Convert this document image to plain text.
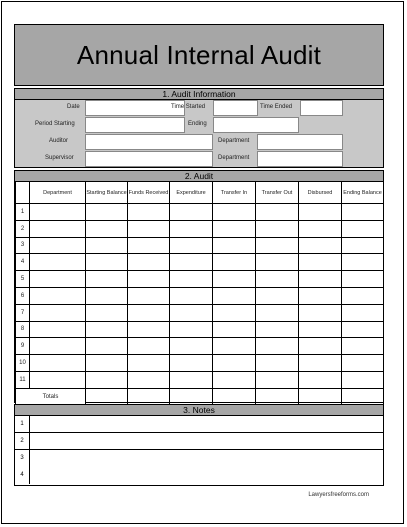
Annual Internal Audit
1. Audit Information
Date	Time Started	Time Ended
Period Starting	Ending
Auditor	Department
Supervisor	Department
2. Audit
	Department	Starting Balance	Funds Received	Expenditure	Transfer In	Transfer Out	Disbursed	Ending Balance
1								
2								
3								
4								
5								
6								
7								
8								
9								
10								
11								
Totals								
3. Notes
1
2
3
4
Lawyersfreeforms.com
